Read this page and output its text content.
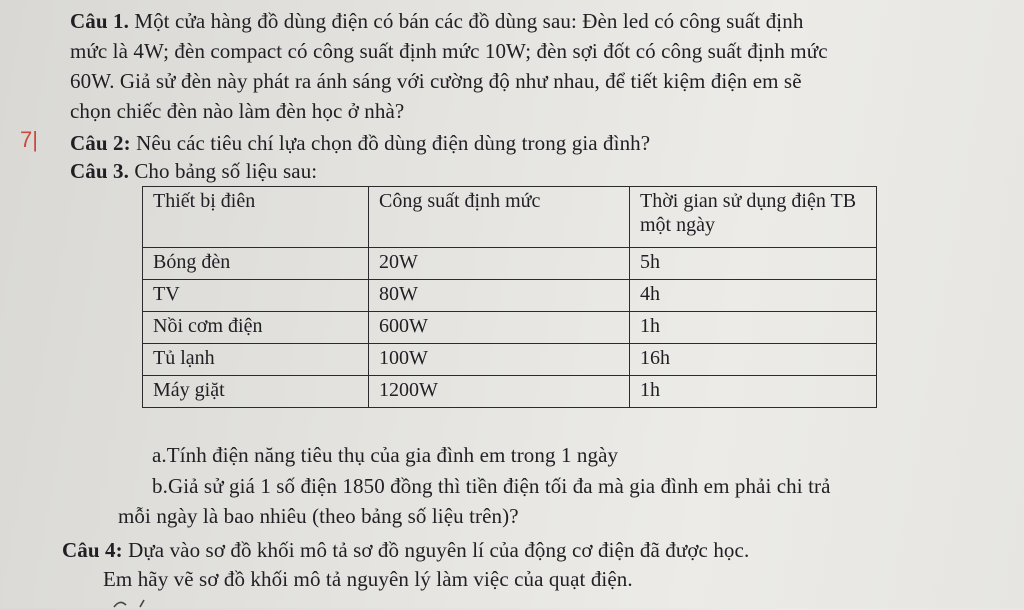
Câu 1. Một cửa hàng đồ dùng điện có bán các đồ dùng sau: Đèn led có công suất định
mức là 4W; đèn compact có công suất định mức 10W; đèn sợi đốt có công suất định mức
60W. Giả sử đèn này phát ra ánh sáng với cường độ như nhau, để tiết kiệm điện em sẽ
chọn chiếc đèn nào làm đèn học ở nhà?
7| Câu 2: Nêu các tiêu chí lựa chọn đồ dùng điện dùng trong gia đình?
Câu 3. Cho bảng số liệu sau:
Thiết bị điên	Công suất định mức	Thời gian sử dụng điện TB một ngày
Bóng đèn	20W	5h
TV	80W	4h
Nồi cơm điện	600W	1h
Tủ lạnh	100W	16h
Máy giặt	1200W	1h
a.Tính điện năng tiêu thụ của gia đình em trong 1 ngày
b.Giả sử giá 1 số điện 1850 đồng thì tiền điện tối đa mà gia đình em phải chi trả
mỗi ngày là bao nhiêu (theo bảng số liệu trên)?
Câu 4: Dựa vào sơ đồ khối mô tả sơ đồ nguyên lí của động cơ điện đã được học.
Em hãy vẽ sơ đồ khối mô tả nguyên lý làm việc của quạt điện.
